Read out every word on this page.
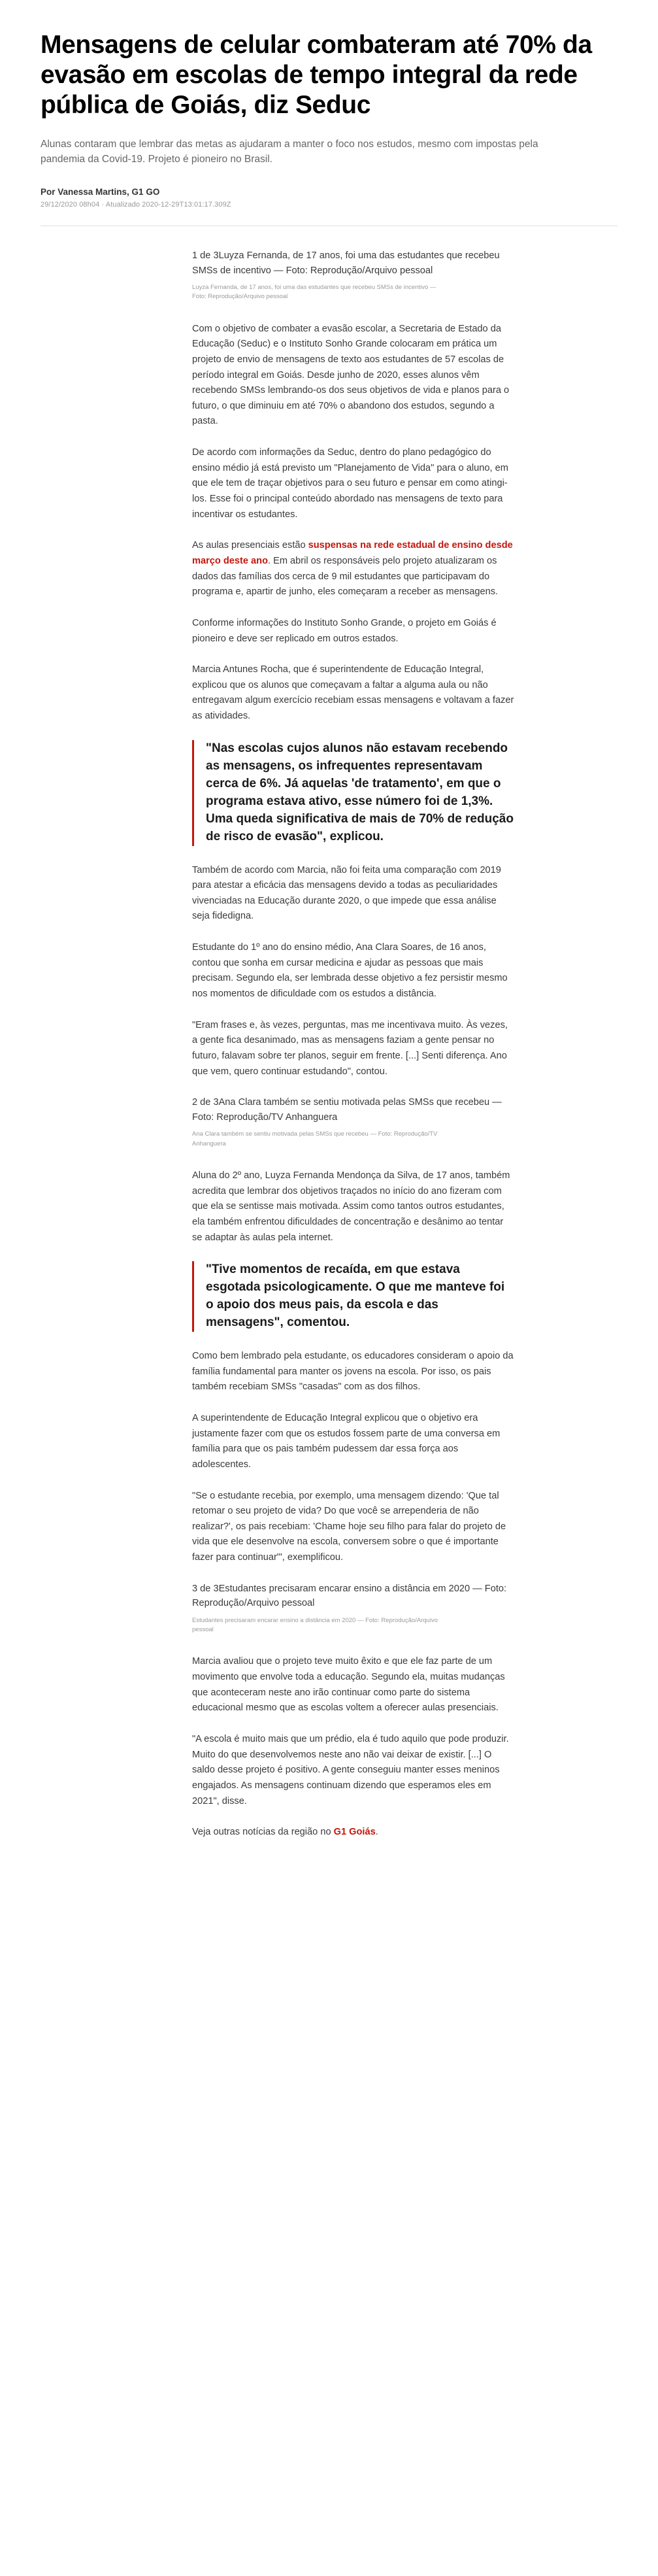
Mensagens de celular combateram até 70% da evasão em escolas de tempo integral da rede pública de Goiás, diz Seduc

Alunas contaram que lembrar das metas as ajudaram a manter o foco nos estudos, mesmo com impostas pela pandemia da Covid-19. Projeto é pioneiro no Brasil.

Por Vanessa Martins, G1 GO

29/12/2020 08h04 · Atualizado 2020-12-29T13:01:17.309Z

1 de 3Luyza Fernanda, de 17 anos, foi uma das estudantes que recebeu SMSs de incentivo — Foto: Reprodução/Arquivo pessoal

Luyza Fernanda, de 17 anos, foi uma das estudantes que recebeu SMSs de incentivo — Foto: Reprodução/Arquivo pessoal

Com o objetivo de combater a evasão escolar, a Secretaria de Estado da Educação (Seduc) e o Instituto Sonho Grande colocaram em prática um projeto de envio de mensagens de texto aos estudantes de 57 escolas de período integral em Goiás. Desde junho de 2020, esses alunos vêm recebendo SMSs lembrando-os dos seus objetivos de vida e planos para o futuro, o que diminuiu em até 70% o abandono dos estudos, segundo a pasta.

De acordo com informações da Seduc, dentro do plano pedagógico do ensino médio já está previsto um "Planejamento de Vida" para o aluno, em que ele tem de traçar objetivos para o seu futuro e pensar em como atingi-los. Esse foi o principal conteúdo abordado nas mensagens de texto para incentivar os estudantes.

As aulas presenciais estão suspensas na rede estadual de ensino desde março deste ano. Em abril os responsáveis pelo projeto atualizaram os dados das famílias dos cerca de 9 mil estudantes que participavam do programa e, apartir de junho, eles começaram a receber as mensagens.

Conforme informações do Instituto Sonho Grande, o projeto em Goiás é pioneiro e deve ser replicado em outros estados.

Marcia Antunes Rocha, que é superintendente de Educação Integral, explicou que os alunos que começavam a faltar a alguma aula ou não entregavam algum exercício recebiam essas mensagens e voltavam a fazer as atividades.

"Nas escolas cujos alunos não estavam recebendo as mensagens, os infrequentes representavam cerca de 6%. Já aquelas 'de tratamento', em que o programa estava ativo, esse número foi de 1,3%. Uma queda significativa de mais de 70% de redução de risco de evasão", explicou.

Também de acordo com Marcia, não foi feita uma comparação com 2019 para atestar a eficácia das mensagens devido a todas as peculiaridades vivenciadas na Educação durante 2020, o que impede que essa análise seja fidedigna.

Estudante do 1º ano do ensino médio, Ana Clara Soares, de 16 anos, contou que sonha em cursar medicina e ajudar as pessoas que mais precisam. Segundo ela, ser lembrada desse objetivo a fez persistir mesmo nos momentos de dificuldade com os estudos a distância.

"Eram frases e, às vezes, perguntas, mas me incentivava muito. Às vezes, a gente fica desanimado, mas as mensagens faziam a gente pensar no futuro, falavam sobre ter planos, seguir em frente. [...] Senti diferença. Ano que vem, quero continuar estudando", contou.

2 de 3Ana Clara também se sentiu motivada pelas SMSs que recebeu — Foto: Reprodução/TV Anhanguera

Ana Clara também se sentiu motivada pelas SMSs que recebeu — Foto: Reprodução/TV Anhanguera

Aluna do 2º ano, Luyza Fernanda Mendonça da Silva, de 17 anos, também acredita que lembrar dos objetivos traçados no início do ano fizeram com que ela se sentisse mais motivada. Assim como tantos outros estudantes, ela também enfrentou dificuldades de concentração e desânimo ao tentar se adaptar às aulas pela internet.

"Tive momentos de recaída, em que estava esgotada psicologicamente. O que me manteve foi o apoio dos meus pais, da escola e das mensagens", comentou.

Como bem lembrado pela estudante, os educadores consideram o apoio da família fundamental para manter os jovens na escola. Por isso, os pais também recebiam SMSs "casadas" com as dos filhos.

A superintendente de Educação Integral explicou que o objetivo era justamente fazer com que os estudos fossem parte de uma conversa em família para que os pais também pudessem dar essa força aos adolescentes.

"Se o estudante recebia, por exemplo, uma mensagem dizendo: 'Que tal retomar o seu projeto de vida? Do que você se arrependeria de não realizar?', os pais recebiam: 'Chame hoje seu filho para falar do projeto de vida que ele desenvolve na escola, conversem sobre o que é importante fazer para continuar'", exemplificou.

3 de 3Estudantes precisaram encarar ensino a distância em 2020 — Foto: Reprodução/Arquivo pessoal

Estudantes precisaram encarar ensino a distância em 2020 — Foto: Reprodução/Arquivo pessoal

Marcia avaliou que o projeto teve muito êxito e que ele faz parte de um movimento que envolve toda a educação. Segundo ela, muitas mudanças que aconteceram neste ano irão continuar como parte do sistema educacional mesmo que as escolas voltem a oferecer aulas presenciais.

"A escola é muito mais que um prédio, ela é tudo aquilo que pode produzir. Muito do que desenvolvemos neste ano não vai deixar de existir. [...] O saldo desse projeto é positivo. A gente conseguiu manter esses meninos engajados. As mensagens continuam dizendo que esperamos eles em 2021", disse.

Veja outras notícias da região no G1 Goiás.
